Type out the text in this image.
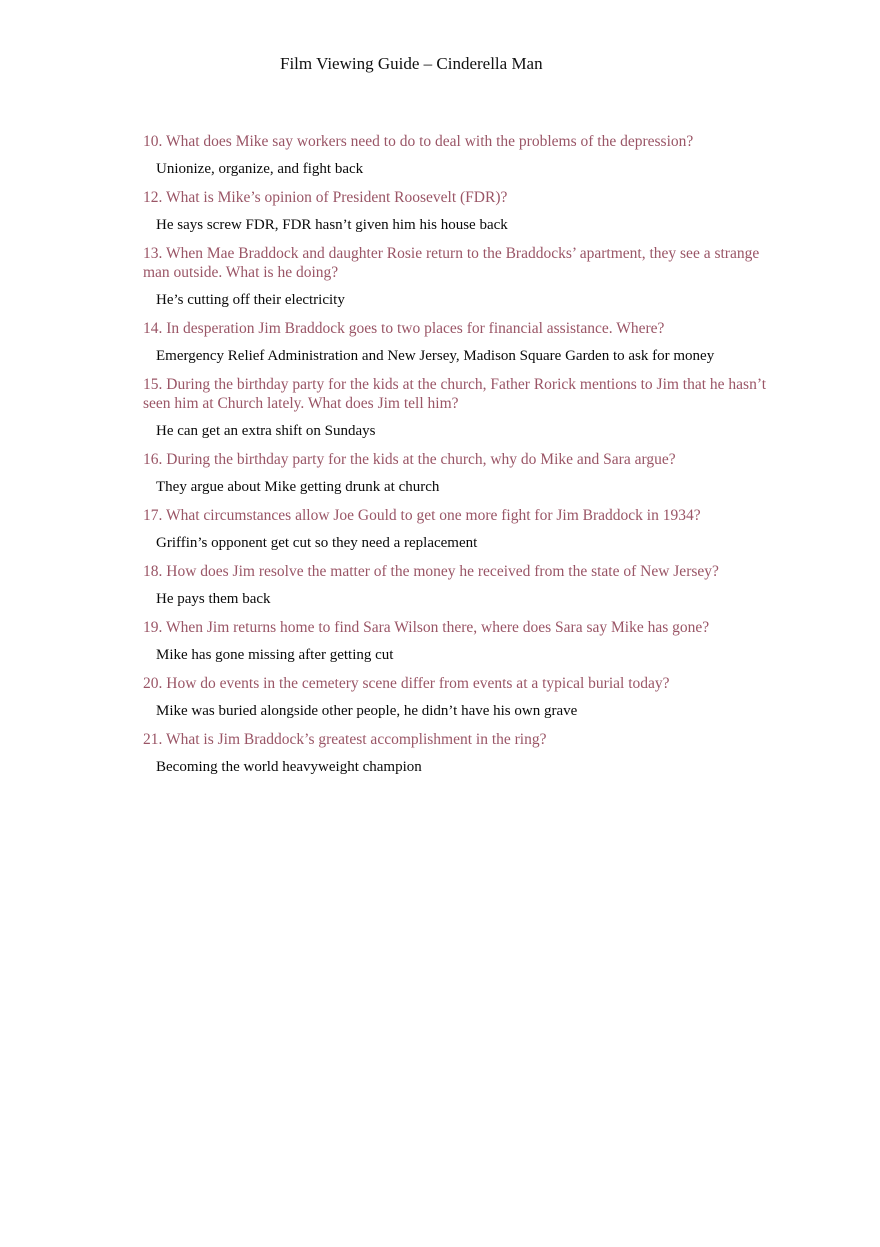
Film Viewing Guide – Cinderella Man

10. What does Mike say workers need to do to deal with the problems of the depression?

Unionize, organize, and fight back

12. What is Mike’s opinion of President Roosevelt (FDR)?

He says screw FDR, FDR hasn’t given him his house back

13. When Mae Braddock and daughter Rosie return to the Braddocks’ apartment, they see a strange man outside. What is he doing?

He’s cutting off their electricity

14. In desperation Jim Braddock goes to two places for financial assistance. Where?

Emergency Relief Administration and New Jersey, Madison Square Garden to ask for money

15. During the birthday party for the kids at the church, Father Rorick mentions to Jim that he hasn’t seen him at Church lately. What does Jim tell him?

He can get an extra shift on Sundays

16. During the birthday party for the kids at the church, why do Mike and Sara argue?

They argue about Mike getting drunk at church

17. What circumstances allow Joe Gould to get one more fight for Jim Braddock in 1934?

Griffin’s opponent get cut so they need a replacement

18. How does Jim resolve the matter of the money he received from the state of New Jersey?

He pays them back

19. When Jim returns home to find Sara Wilson there, where does Sara say Mike has gone?

Mike has gone missing after getting cut

20. How do events in the cemetery scene differ from events at a typical burial today?

Mike was buried alongside other people, he didn’t have his own grave

21. What is Jim Braddock’s greatest accomplishment in the ring?

Becoming the world heavyweight champion
